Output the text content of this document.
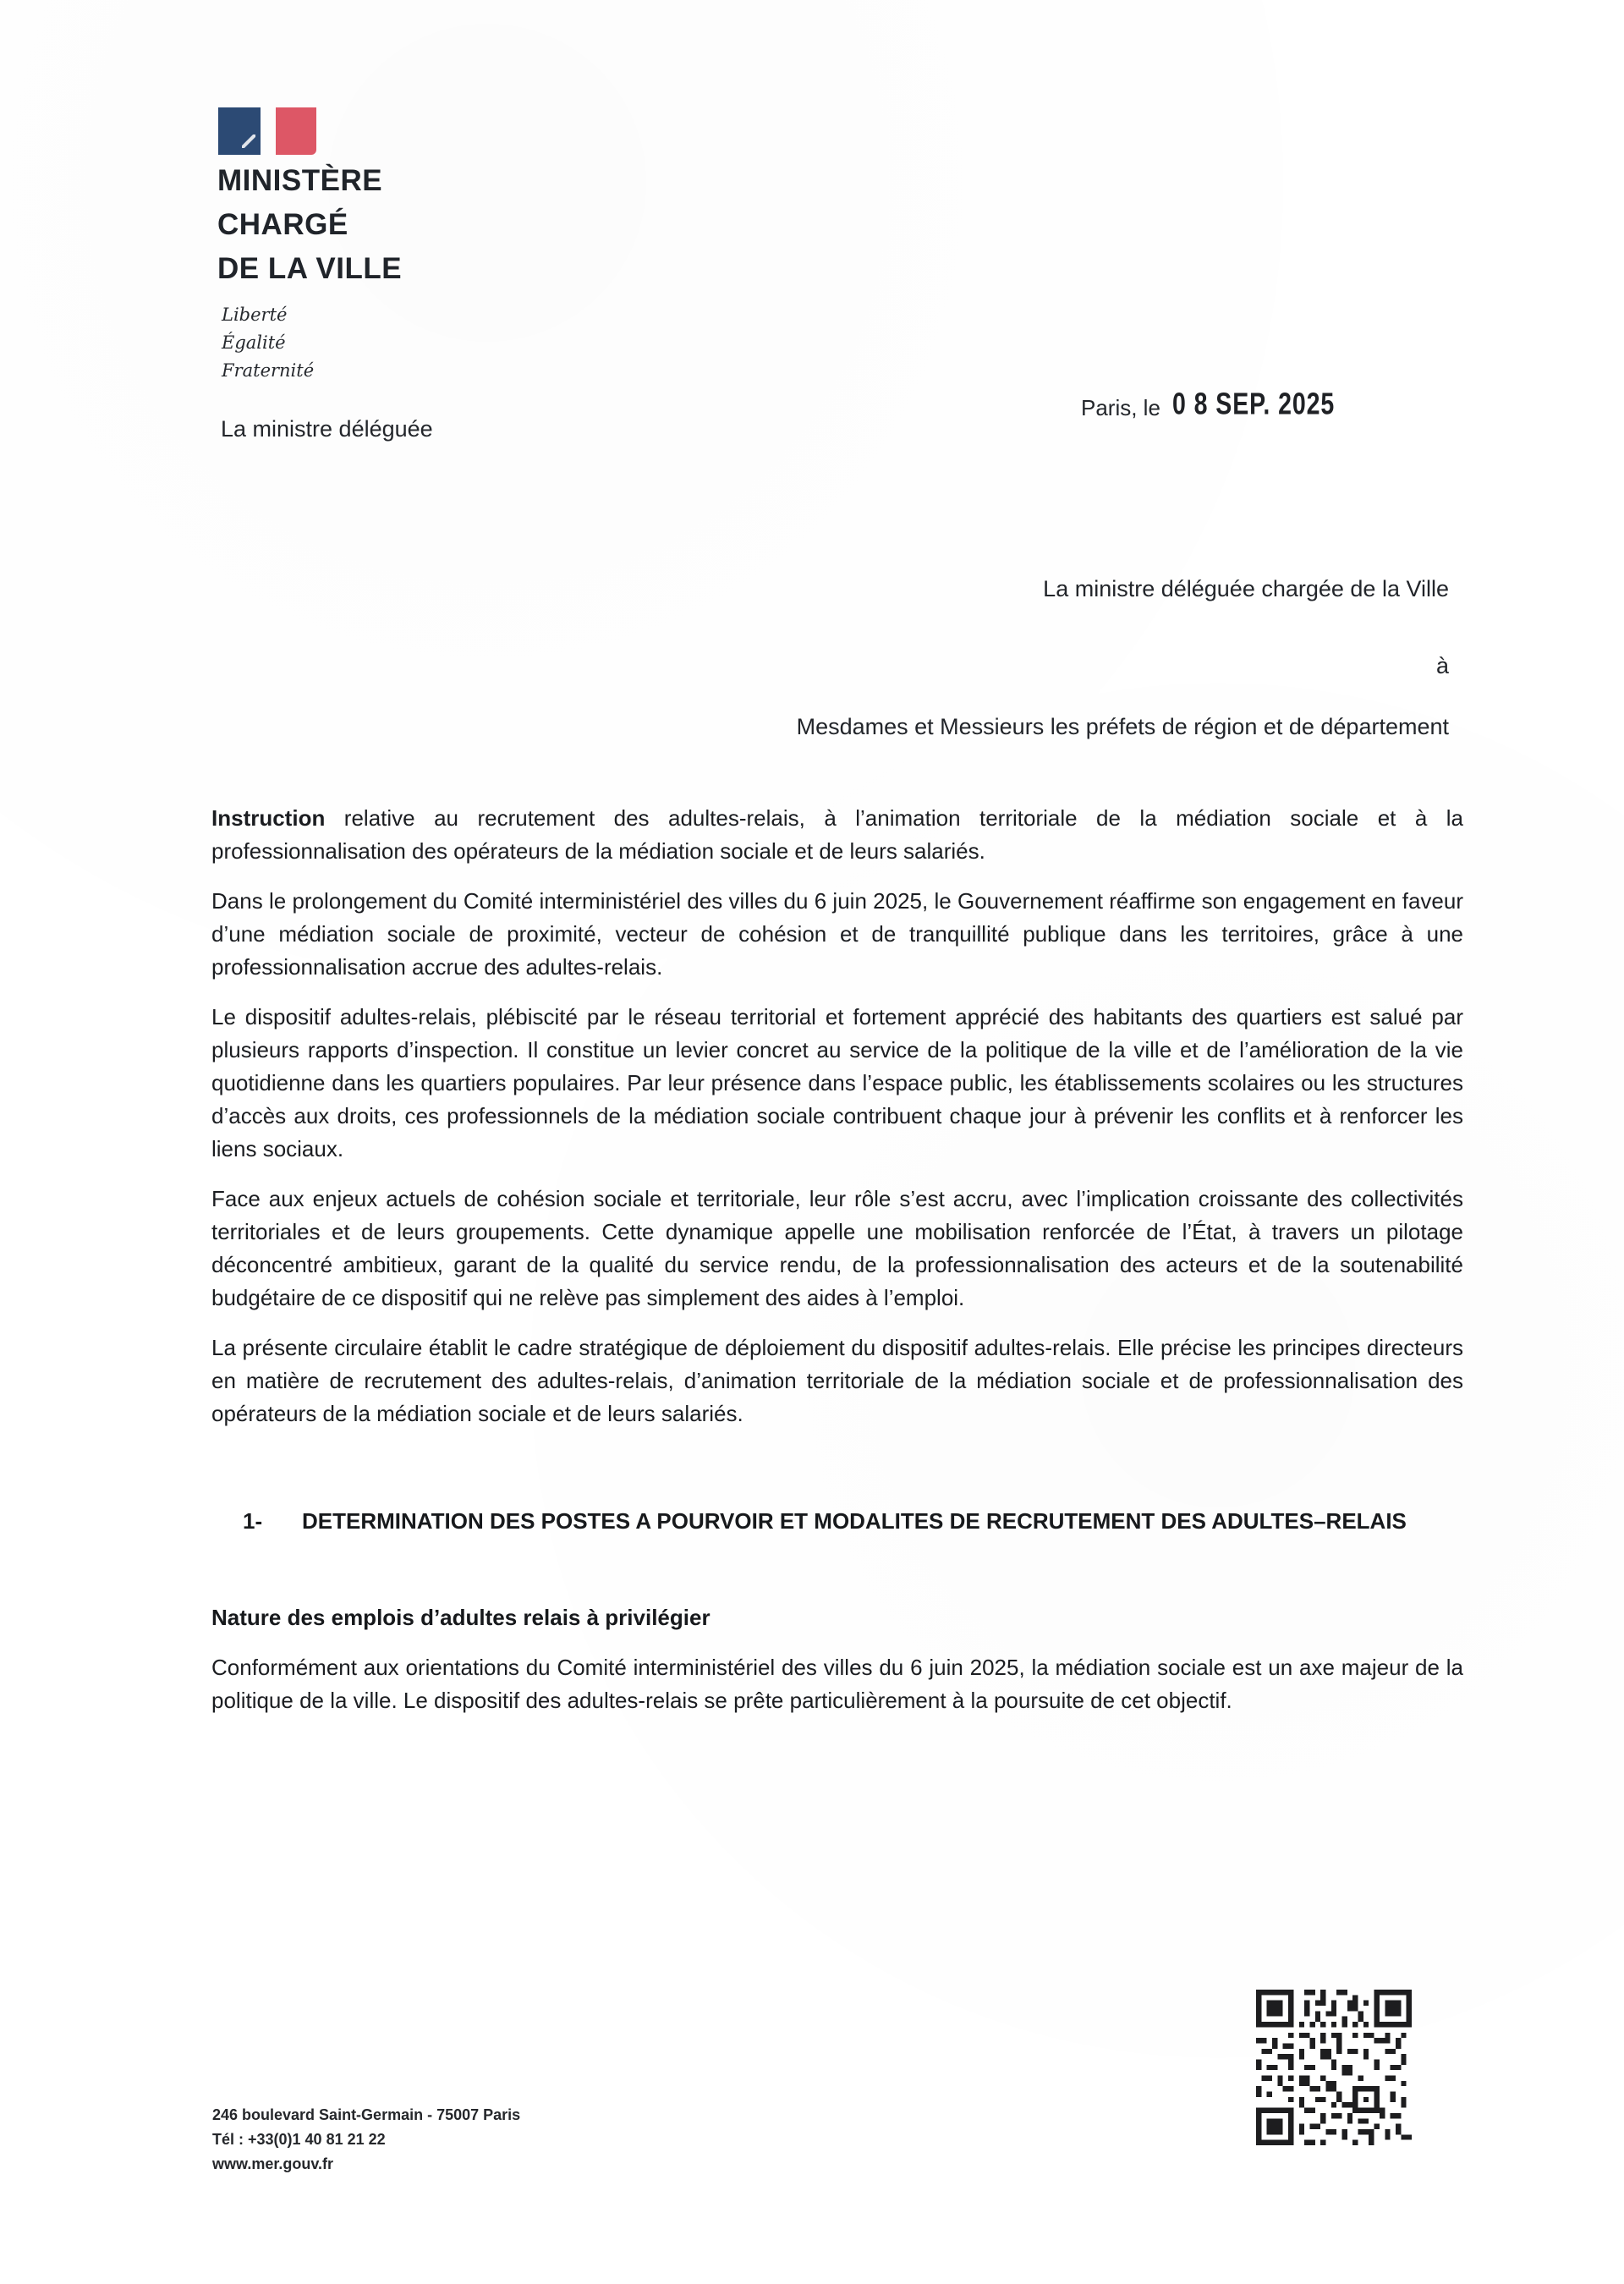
MINISTÈRE
CHARGÉ
DE LA VILLE
Liberté
Égalité
Fraternité
La ministre déléguée
Paris, le 0 8 SEP. 2025
La ministre déléguée chargée de la Ville
à
Mesdames et Messieurs les préfets de région et de département

Instruction relative au recrutement des adultes-relais, à l’animation territoriale de la médiation sociale et à la professionnalisation des opérateurs de la médiation sociale et de leurs salariés.

Dans le prolongement du Comité interministériel des villes du 6 juin 2025, le Gouvernement réaffirme son engagement en faveur d’une médiation sociale de proximité, vecteur de cohésion et de tranquillité publique dans les territoires, grâce à une professionnalisation accrue des adultes-relais.

Le dispositif adultes-relais, plébiscité par le réseau territorial et fortement apprécié des habitants des quartiers est salué par plusieurs rapports d’inspection. Il constitue un levier concret au service de la politique de la ville et de l’amélioration de la vie quotidienne dans les quartiers populaires. Par leur présence dans l’espace public, les établissements scolaires ou les structures d’accès aux droits, ces professionnels de la médiation sociale contribuent chaque jour à prévenir les conflits et à renforcer les liens sociaux.

Face aux enjeux actuels de cohésion sociale et territoriale, leur rôle s’est accru, avec l’implication croissante des collectivités territoriales et de leurs groupements. Cette dynamique appelle une mobilisation renforcée de l’État, à travers un pilotage déconcentré ambitieux, garant de la qualité du service rendu, de la professionnalisation des acteurs et de la soutenabilité budgétaire de ce dispositif qui ne relève pas simplement des aides à l’emploi.

La présente circulaire établit le cadre stratégique de déploiement du dispositif adultes-relais. Elle précise les principes directeurs en matière de recrutement des adultes-relais, d’animation territoriale de la médiation sociale et de professionnalisation des opérateurs de la médiation sociale et de leurs salariés.

1-	DETERMINATION DES POSTES A POURVOIR ET MODALITES DE RECRUTEMENT DES ADULTES–RELAIS

Nature des emplois d’adultes relais à privilégier

Conformément aux orientations du Comité interministériel des villes du 6 juin 2025, la médiation sociale est un axe majeur de la politique de la ville. Le dispositif des adultes-relais se prête particulièrement à la poursuite de cet objectif.

246 boulevard Saint-Germain - 75007 Paris
Tél : +33(0)1 40 81 21 22
www.mer.gouv.fr
